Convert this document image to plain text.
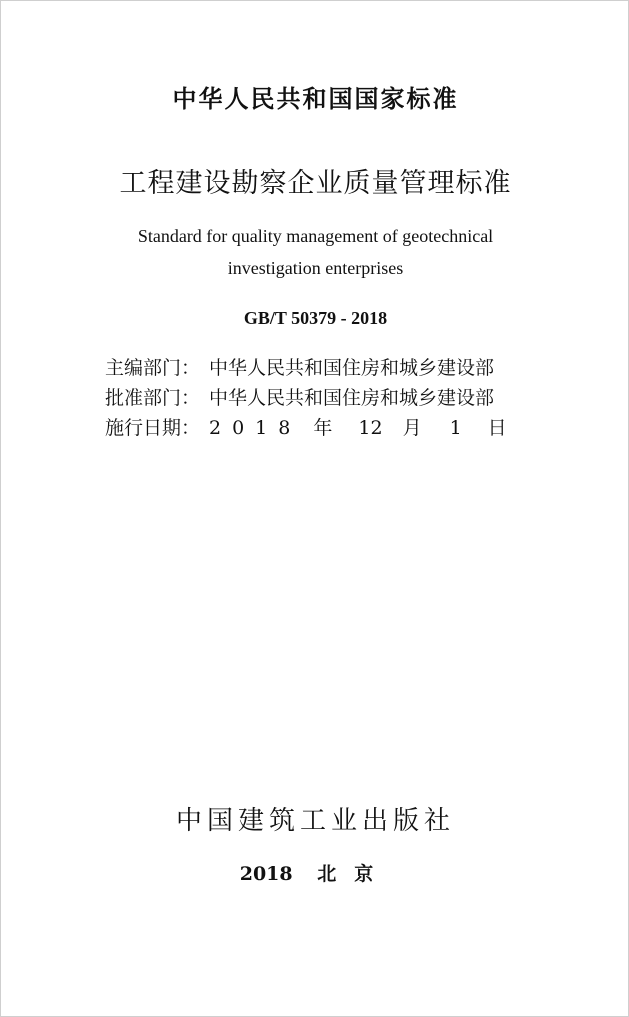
中华人民共和国国家标准
工程建设勘察企业质量管理标准
Standard for quality management of geotechnical
investigation enterprises
GB/T 50379 - 2018
主编部门： 中华人民共和国住房和城乡建设部
批准部门： 中华人民共和国住房和城乡建设部
施行日期： 2018 年 12 月 1 日
中国建筑工业出版社
2018 北京
